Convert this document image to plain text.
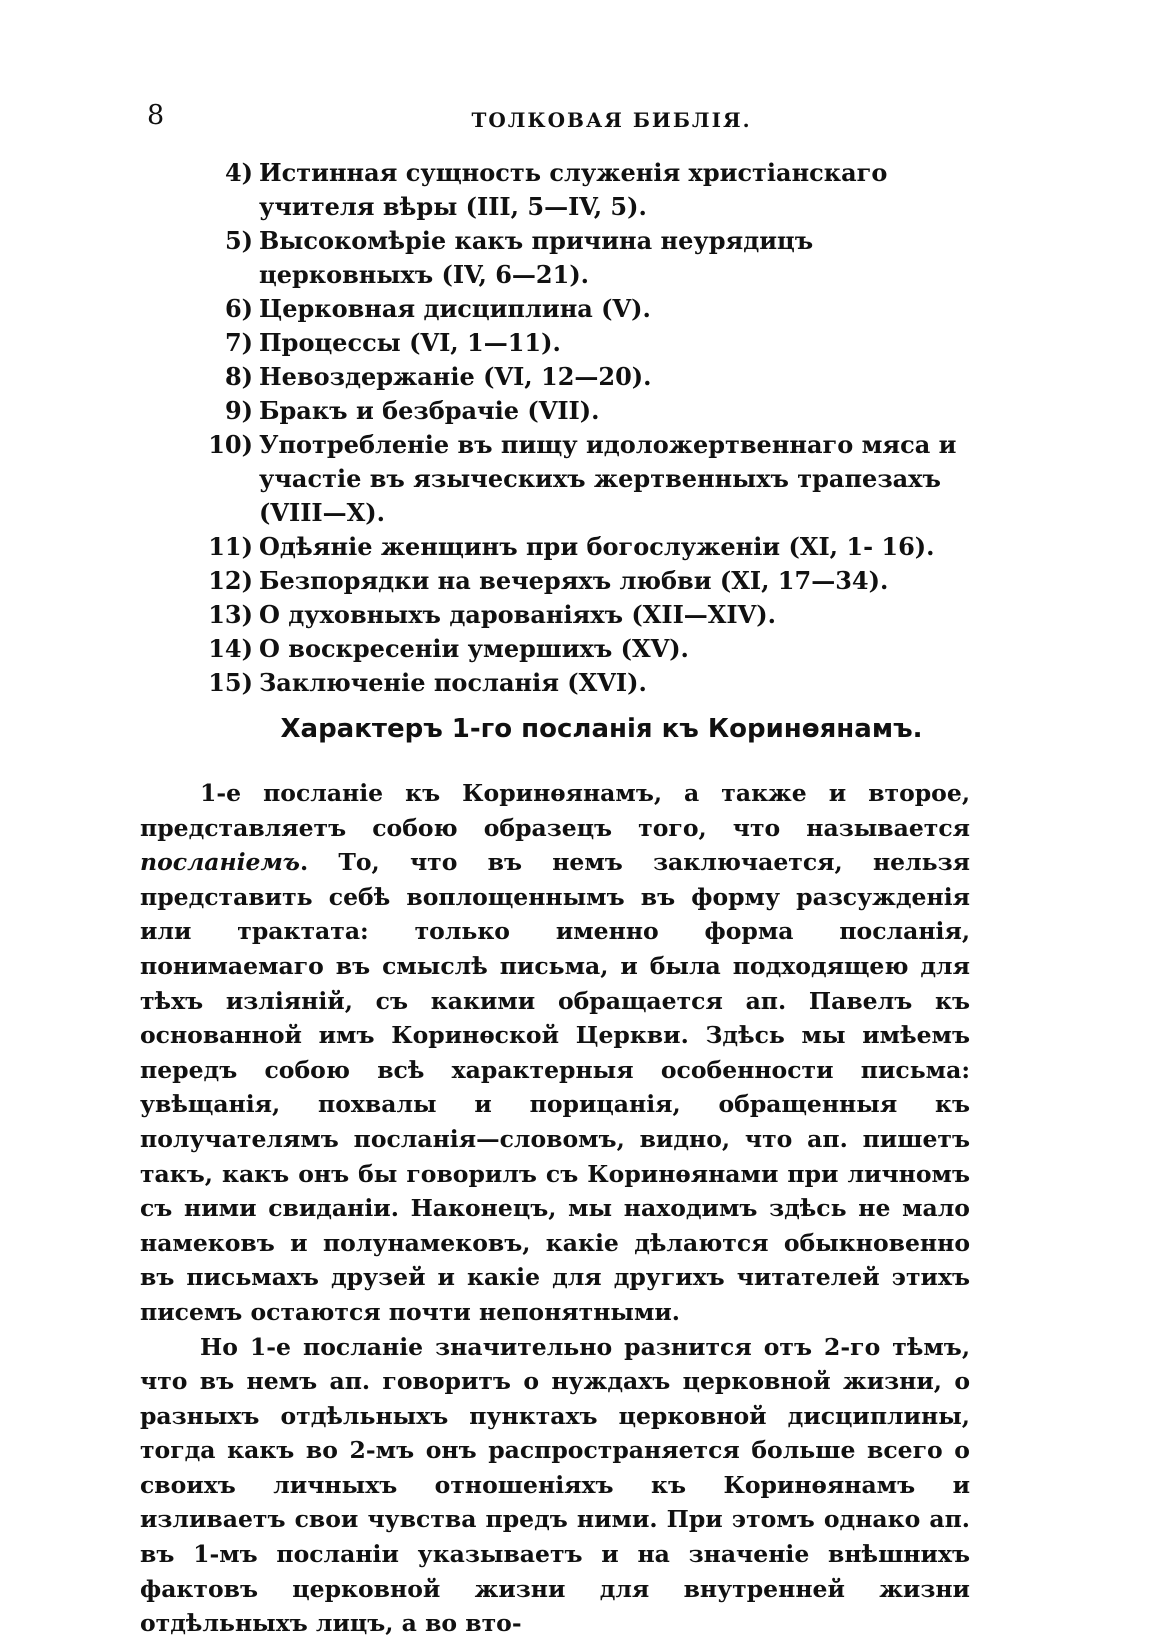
8	ТОЛКОВАЯ БИБЛІЯ.
4) Истинная сущность служенія христіанскаго учителя вѣры (III, 5—IV, 5).
5) Высокомѣріе какъ причина неурядицъ церковныхъ (IV, 6—21).
6) Церковная дисциплина (V).
7) Процессы (VI, 1—11).
8) Невоздержаніе (VI, 12—20).
9) Бракъ и безбрачіе (VII).
10) Употребленіе въ пищу идоложертвеннаго мяса и участіе въ языческихъ жертвенныхъ трапезахъ (VIII—X).
11) Одѣяніе женщинъ при богослуженіи (XI, 1- 16).
12) Безпорядки на вечеряхъ любви (XI, 17—34).
13) О духовныхъ дарованіяхъ (XII—XIV).
14) О воскресеніи умершихъ (XV).
15) Заключеніе посланія (XVI).
Характеръ 1-го посланія къ Коринѳянамъ.

1-е посланіе къ Коринѳянамъ, а также и второе, представляетъ собою образецъ того, что называется посланіемъ. То, что въ немъ заключается, нельзя представить себѣ воплощеннымъ въ форму разсужденія или трактата: только именно форма посланія, понимаемаго въ смыслѣ письма, и была подходящею для тѣхъ изліяній, съ какими обращается ап. Павелъ къ основанной имъ Коринѳской Церкви. Здѣсь мы имѣемъ передъ собою всѣ характерныя особенности письма: увѣщанія, похвалы и порицанія, обращенныя къ получателямъ посланія—словомъ, видно, что ап. пишетъ такъ, какъ онъ бы говорилъ съ Коринѳянами при личномъ съ ними свиданіи. Наконецъ, мы находимъ здѣсь не мало намековъ и полунамековъ, какіе дѣлаются обыкновенно въ письмахъ друзей и какіе для другихъ читателей этихъ писемъ остаются почти непонятными.

Но 1-е посланіе значительно разнится отъ 2-го тѣмъ, что въ немъ ап. говоритъ о нуждахъ церковной жизни, о разныхъ отдѣльныхъ пунктахъ церковной дисциплины, тогда какъ во 2-мъ онъ распространяется больше всего о своихъ личныхъ отношеніяхъ къ Коринѳянамъ и изливаетъ свои чувства предъ ними. При этомъ однако ап. въ 1-мъ посланіи указываетъ и на значеніе внѣшнихъ фактовъ церковной жизни для внутренней жизни отдѣльныхъ лицъ, а во вто-
